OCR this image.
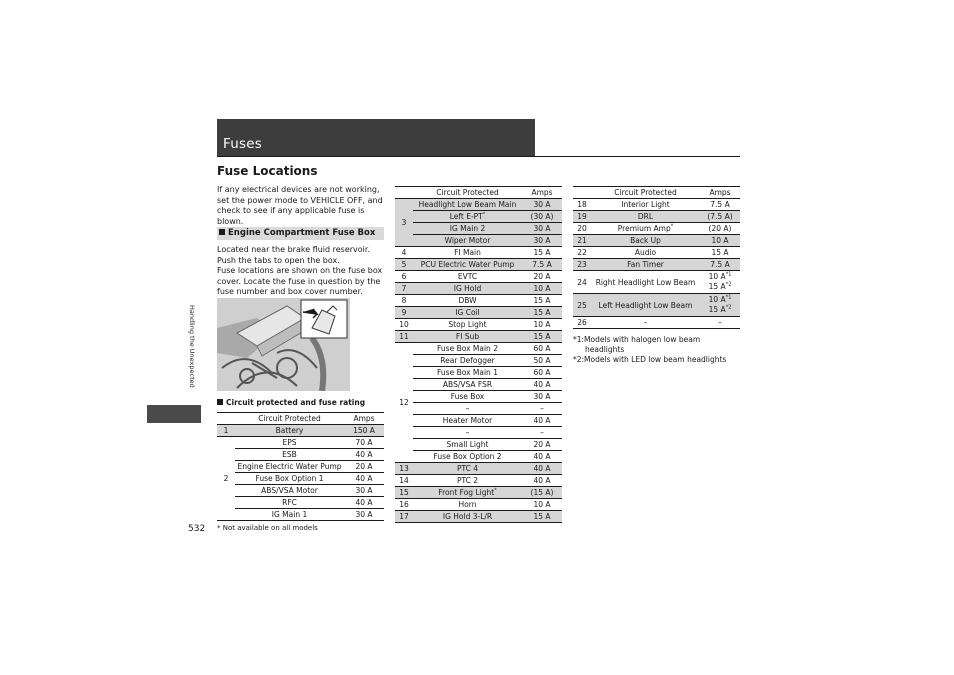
Fuses
Fuse Locations
If any electrical devices are not working, set the power mode to VEHICLE OFF, and check to see if any applicable fuse is blown.
Engine Compartment Fuse Box
Located near the brake fluid reservoir. Push the tabs to open the box.
Fuse locations are shown on the fuse box cover. Locate the fuse in question by the fuse number and box cover number.
Circuit protected and fuse rating
	Circuit Protected	Amps
1	Battery	150 A
2	EPS	70 A
	ESB	40 A
	Engine Electric Water Pump	20 A
	Fuse Box Option 1	40 A
	ABS/VSA Motor	30 A
	RFC	40 A
	IG Main 1	30 A
	Circuit Protected	Amps
3	Headlight Low Beam Main	30 A
	Left E-PT*	(30 A)
	IG Main 2	30 A
	Wiper Motor	30 A
4	FI Main	15 A
5	PCU Electric Water Pump	7.5 A
6	EVTC	20 A
7	IG Hold	10 A
8	DBW	15 A
9	IG Coil	15 A
10	Stop Light	10 A
11	FI Sub	15 A
12	Fuse Box Main 2	60 A
	Rear Defogger	50 A
	Fuse Box Main 1	60 A
	ABS/VSA FSR	40 A
	Fuse Box	30 A
	–	–
	Heater Motor	40 A
	–	–
	Small Light	20 A
	Fuse Box Option 2	40 A
13	PTC 4	40 A
14	PTC 2	40 A
15	Front Fog Light*	(15 A)
16	Horn	10 A
17	IG Hold 3-L/R	15 A
	Circuit Protected	Amps
18	Interior Light	7.5 A
19	DRL	(7.5 A)
20	Premium Amp*	(20 A)
21	Back Up	10 A
22	Audio	15 A
23	Fan Timer	7.5 A
24	Right Headlight Low Beam	10 $A^{*1}$
15 $A^{*2}$
25	Left Headlight Low Beam	10 $A^{*1}$
15 $A^{*2}$
26	–	–
*1:Models with halogen low beam
headlights
*2:Models with LED low beam headlights
Handling the Unexpected
532 * Not available on all models
